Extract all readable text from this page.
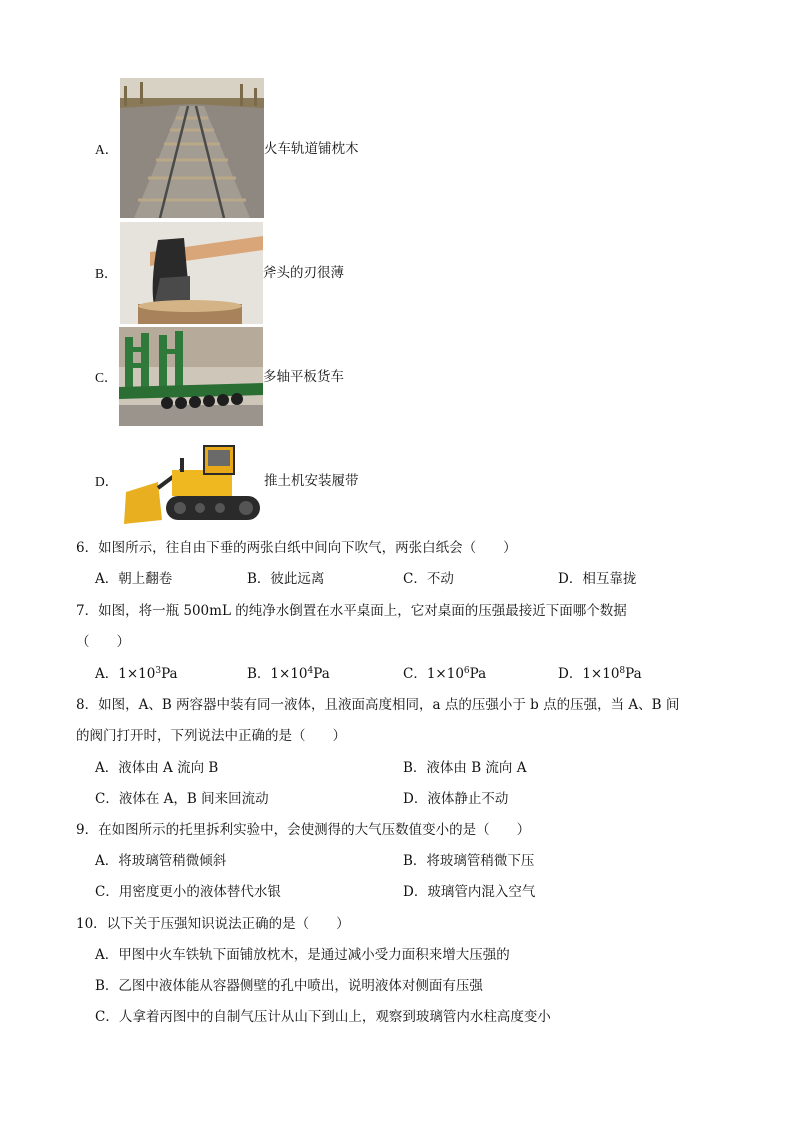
A．	火车轨道铺枕木
B．	斧头的刃很薄
C．	多轴平板货车
D．	推土机安装履带
6．如图所示，往自由下垂的两张白纸中间向下吹气，两张白纸会（　　）
A．朝上翻卷	B．彼此远离	C．不动	D．相互靠拢
7．如图，将一瓶 500mL 的纯净水倒置在水平桌面上，它对桌面的压强最接近下面哪个数据
（　　）
A．$1\times 10^3Pa$	B．$1\times 10^4Pa$	C．$1\times 10^6Pa$	D．$1\times 10^8Pa$
8．如图，A、B 两容器中装有同一液体，且液面高度相同，a 点的压强小于 b 点的压强，当 A、B 间
的阀门打开时，下列说法中正确的是（　　）
A．液体由 A 流向 B	B．液体由 B 流向 A
C．液体在 A，B 间来回流动	D．液体静止不动
9．在如图所示的托里拆利实验中，会使测得的大气压数值变小的是（　　）
A．将玻璃管稍微倾斜	B．将玻璃管稍微下压
C．用密度更小的液体替代水银	D．玻璃管内混入空气
10．以下关于压强知识说法正确的是（　　）
A．甲图中火车铁轨下面铺放枕木，是通过减小受力面积来增大压强的
B．乙图中液体能从容器侧壁的孔中喷出，说明液体对侧面有压强
C．人拿着丙图中的自制气压计从山下到山上，观察到玻璃管内水柱高度变小
